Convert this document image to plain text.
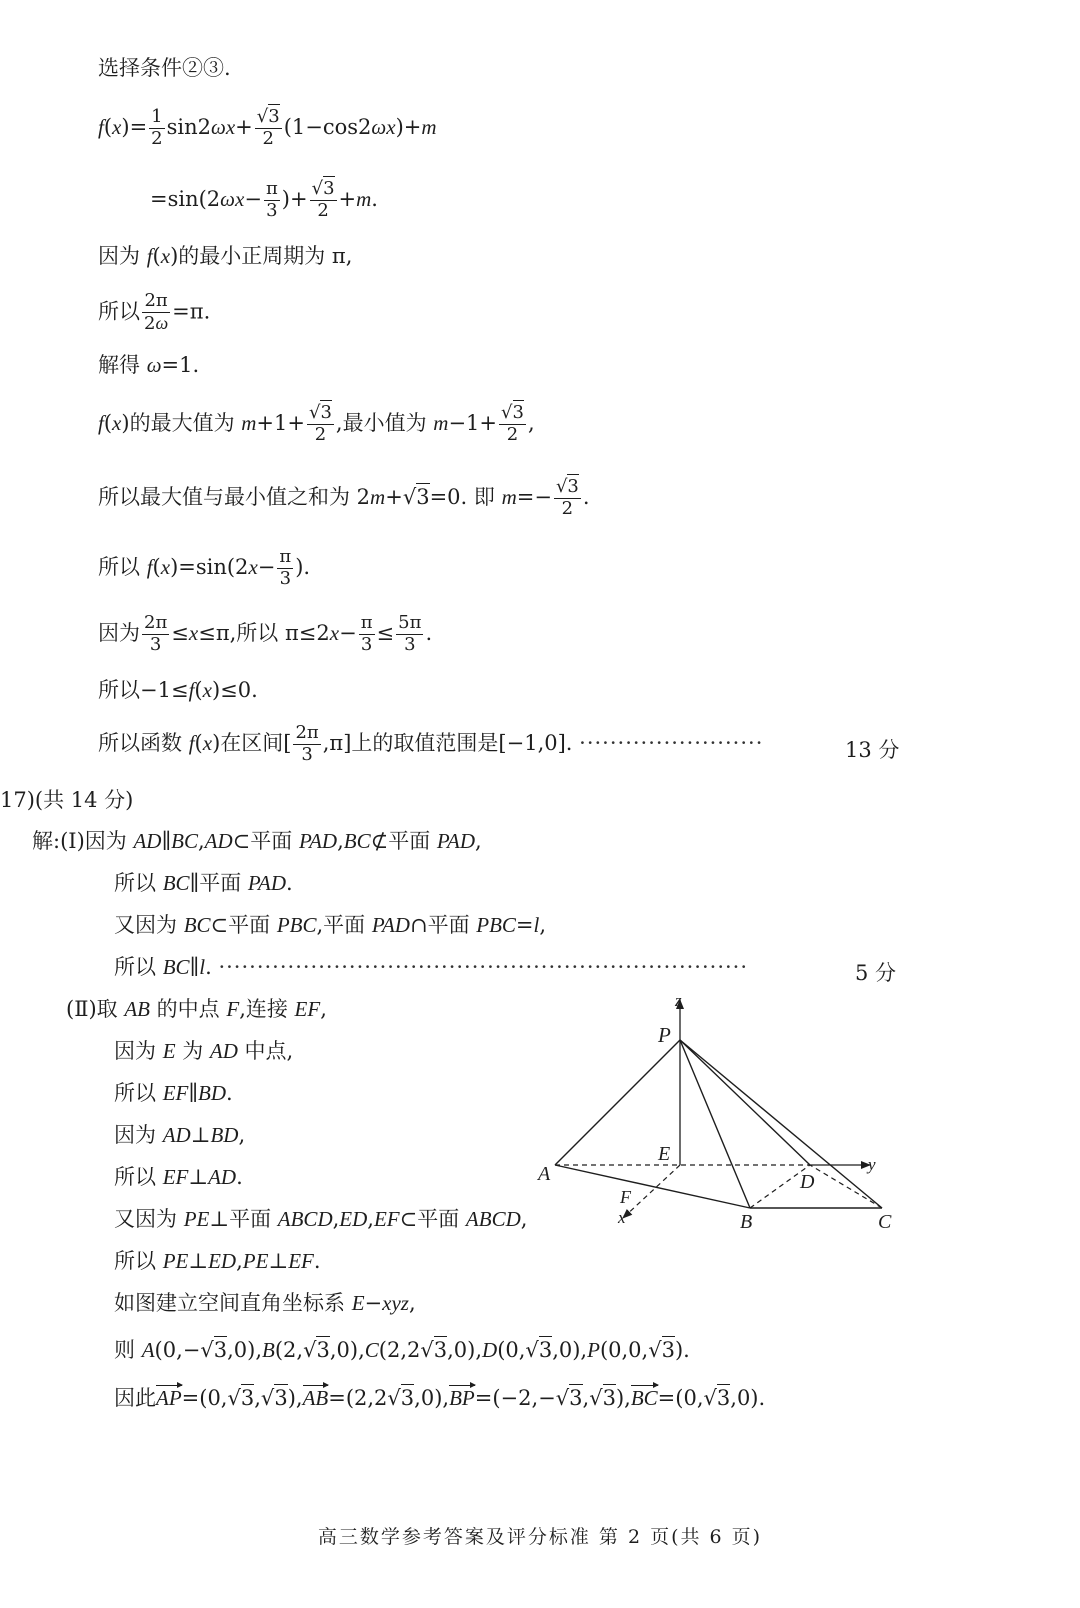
选择条件②③.
$f(x)= \frac{1}{2} \sin 2\omega x+ \frac{√3}{2} (1-\cos 2\omega x)+m$
$=\sin(2\omega x- \frac{\pi}{3}$ )+ $\frac{√3}{2} +m$.
因为 f(x)的最小正周期为 π,
所以 $\frac{2\pi}{2\omega} =\pi$.
解得 ω=1.
f(x)的最大值为 $m+1+ \frac{√3}{2}$ ,最小值为 $m-1+ \frac{√3}{2}$ ,
所以最大值与最小值之和为 2m+√3=0. 即 $m=- \frac{√3}{2}$ .
所以 $f(x)=\sin(2x- \frac{\pi}{3}$ ).
因为 $\frac{2\pi}{3} \le x\le\pi$,所以 $\pi\le 2x- \frac{\pi}{3} \le \frac{5\pi}{3}$ .
所以−1≤f(x)≤0.
所以函数 f(x)在区间[ $\frac{2\pi}{3} ,\pi$]上的取值范围是[−1,0]. ························	13 分
17)(共 14 分)
解:(Ⅰ)因为 AD∥BC,AD⊂平面 PAD,BC⊄平面 PAD,
所以 BC∥平面 PAD.
又因为 BC⊂平面 PBC,平面 PAD∩平面 PBC=l,
所以 BC∥l. ·····································································	5 分
(Ⅱ)取 AB 的中点 F,连接 EF,
因为 E 为 AD 中点,
所以 EF∥BD.
因为 AD⊥BD,
所以 EF⊥AD.
又因为 PE⊥平面 ABCD,ED,EF⊂平面 ABCD,
所以 PE⊥ED,PE⊥EF.
如图建立空间直角坐标系 E−xyz,
则 A(0,−√3,0),B(2,√3,0),C(2,2√3,0),D(0,√3,0),P(0,0,√3).
因此AP=(0,√3,√3),AB=(2,2√3,0),BP=(−2,−√3,√3),BC=(0,√3,0).
z
P
E	y
A	D
F
x	B	C
高三数学参考答案及评分标准 第 2 页(共 6 页)
